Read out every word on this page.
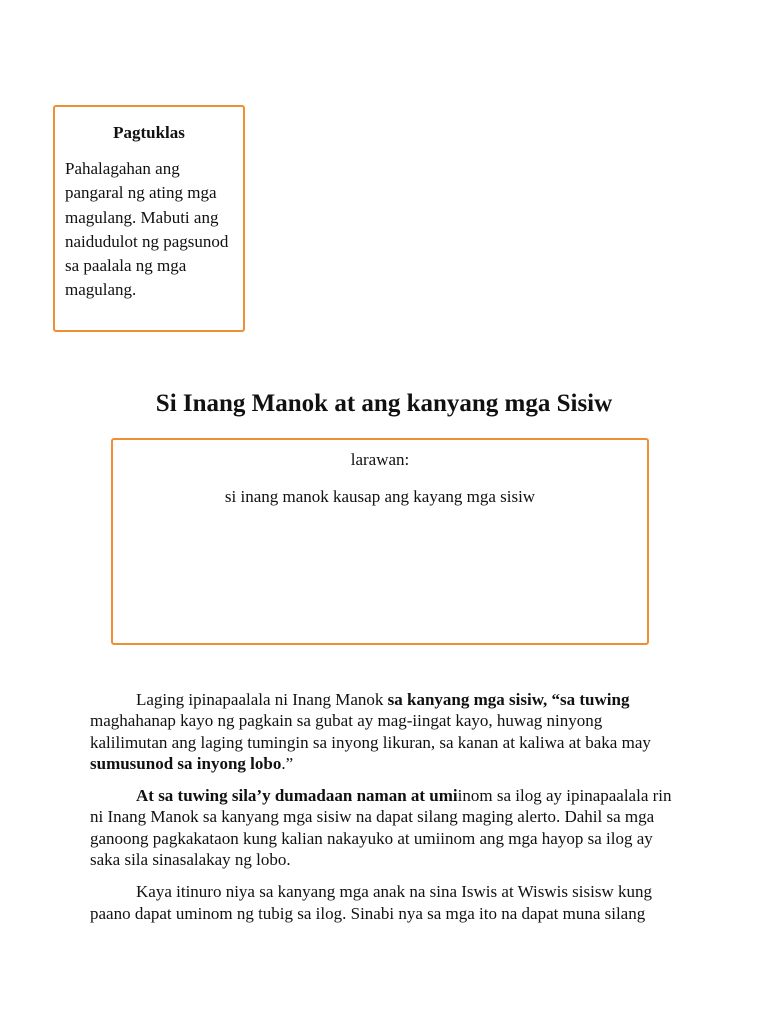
Pagtuklas
Pahalagahan ang
pangaral ng ating mga
magulang. Mabuti ang
naidudulot ng pagsunod
sa paalala ng mga
magulang.
Si Inang Manok at ang kanyang mga Sisiw
larawan:
si inang manok kausap ang kayang mga sisiw

Laging ipinapaalala ni Inang Manok sa kanyang mga sisiw, “sa tuwing maghahanap kayo ng pagkain sa gubat ay mag-iingat kayo, huwag ninyong kalilimutan ang laging tumingin sa inyong likuran, sa kanan at kaliwa at baka may sumusunod sa inyong lobo.”

At sa tuwing sila’y dumadaan naman at umiinom sa ilog ay ipinapaalala rin ni Inang Manok sa kanyang mga sisiw na dapat silang maging alerto. Dahil sa mga ganoong pagkakataon kung kalian nakayuko at umiinom ang mga hayop sa ilog ay saka sila sinasalakay ng lobo.

Kaya itinuro niya sa kanyang mga anak na sina Iswis at Wiswis sisisw kung paano dapat uminom ng tubig sa ilog. Sinabi nya sa mga ito na dapat muna silang
